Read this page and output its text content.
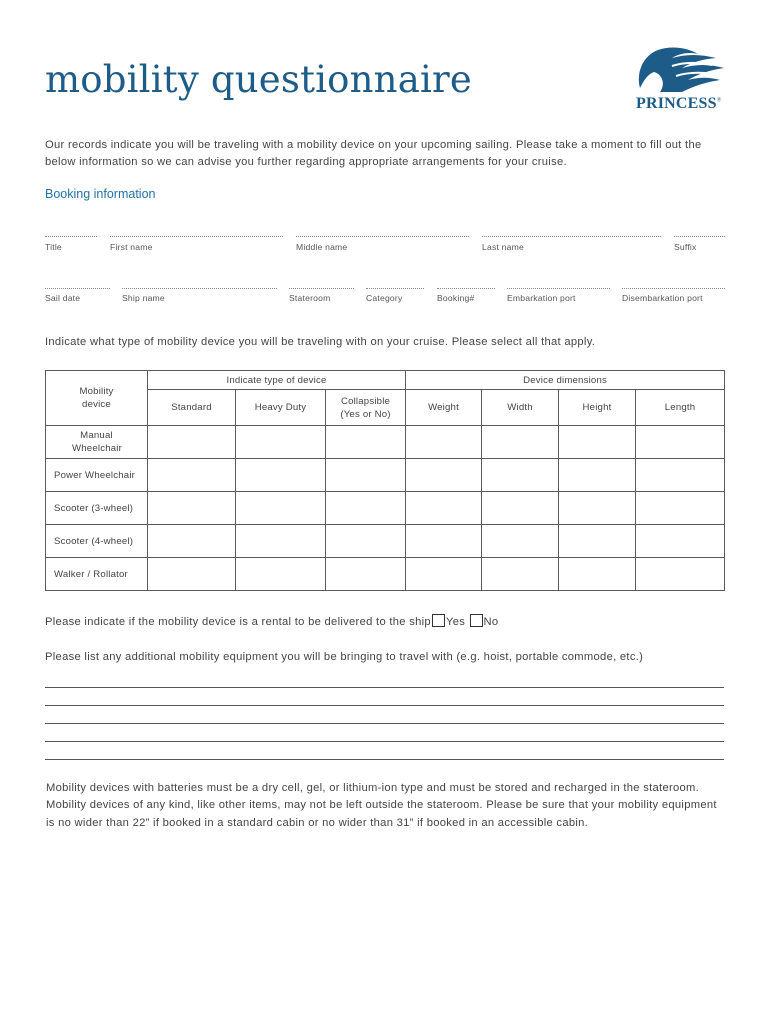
mobility questionnaire
PRINCESS®

Our records indicate you will be traveling with a mobility device on your upcoming sailing. Please take a moment to fill out the below information so we can advise you further regarding appropriate arrangements for your cruise.

Booking information
Title	First name	Middle name	Last name	Suffix
Sail date	Ship name	Stateroom	Category	Booking#	Embarkation port	Disembarkation port

Indicate what type of mobility device you will be traveling with on your cruise. Please select all that apply.

Mobility device	Indicate type of device			Device dimensions			
	Standard	Heavy Duty	Collapsible (Yes or No)	Weight	Width	Height	Length
Manual Wheelchair							
Power Wheelchair							
Scooter (3-wheel)							
Scooter (4-wheel)							
Walker / Rollator							

Please indicate if the mobility device is a rental to be delivered to the ship Yes No

Please list any additional mobility equipment you will be bringing to travel with (e.g. hoist, portable commode, etc.)

Mobility devices with batteries must be a dry cell, gel, or lithium-ion type and must be stored and recharged in the stateroom.
Mobility devices of any kind, like other items, may not be left outside the stateroom. Please be sure that your mobility equipment
is no wider than 22” if booked in a standard cabin or no wider than 31” if booked in an accessible cabin.
